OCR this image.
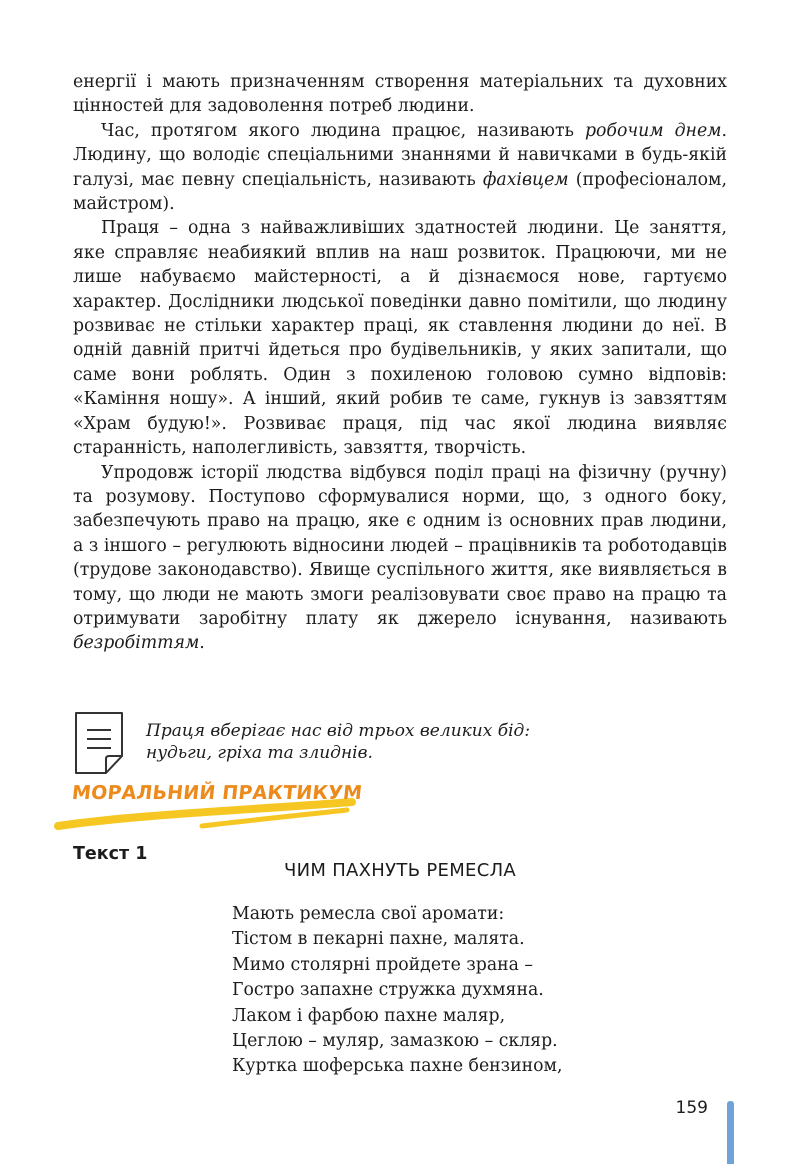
енергії і мають призначенням створення матеріальних та духовних цінностей для задоволення потреб людини.

Час, протягом якого людина працює, називають робочим днем. Людину, що володіє спеціальними знаннями й навичками в будь-якій галузі, має певну спеціальність, називають фахівцем (професіоналом, майстром).

Праця – одна з найважливіших здатностей людини. Це заняття, яке справляє неабиякий вплив на наш розвиток. Працюючи, ми не лише набуваємо майстерності, а й дізнаємося нове, гартуємо характер. Дослідники людської поведінки давно помітили, що людину розвиває не стільки характер праці, як ставлення людини до неї. В одній давній притчі йдеться про будівельників, у яких запитали, що саме вони роблять. Один з похиленою головою сумно відповів: «Каміння ношу». А інший, який робив те саме, гукнув із завзяттям «Храм будую!». Розвиває праця, під час якої людина виявляє старанність, наполегливість, завзяття, творчість.

Упродовж історії людства відбувся поділ праці на фізичну (ручну) та розумову. Поступово сформувалися норми, що, з одного боку, забезпечують право на працю, яке є одним із основних прав людини, а з іншого – регулюють відносини людей – працівників та роботодавців (трудове законодавство). Явище суспільного життя, яке виявляється в тому, що люди не мають змоги реалізовувати своє право на працю та отримувати заробітну плату як джерело існування, називають безробіттям.

Праця вберігає нас від трьох великих бід:
нудьги, гріха та злиднів.
МОРАЛЬНИЙ ПРАКТИКУМ
Текст 1
ЧИМ ПАХНУТЬ РЕМЕСЛА
Мають ремесла свої аромати:
Тістом в пекарні пахне, малята.
Мимо столярні пройдете зрана –
Гостро запахне стружка духмяна.
Лаком і фарбою пахне маляр,
Цеглою – муляр, замазкою – скляр.
Куртка шоферська пахне бензином,
159
